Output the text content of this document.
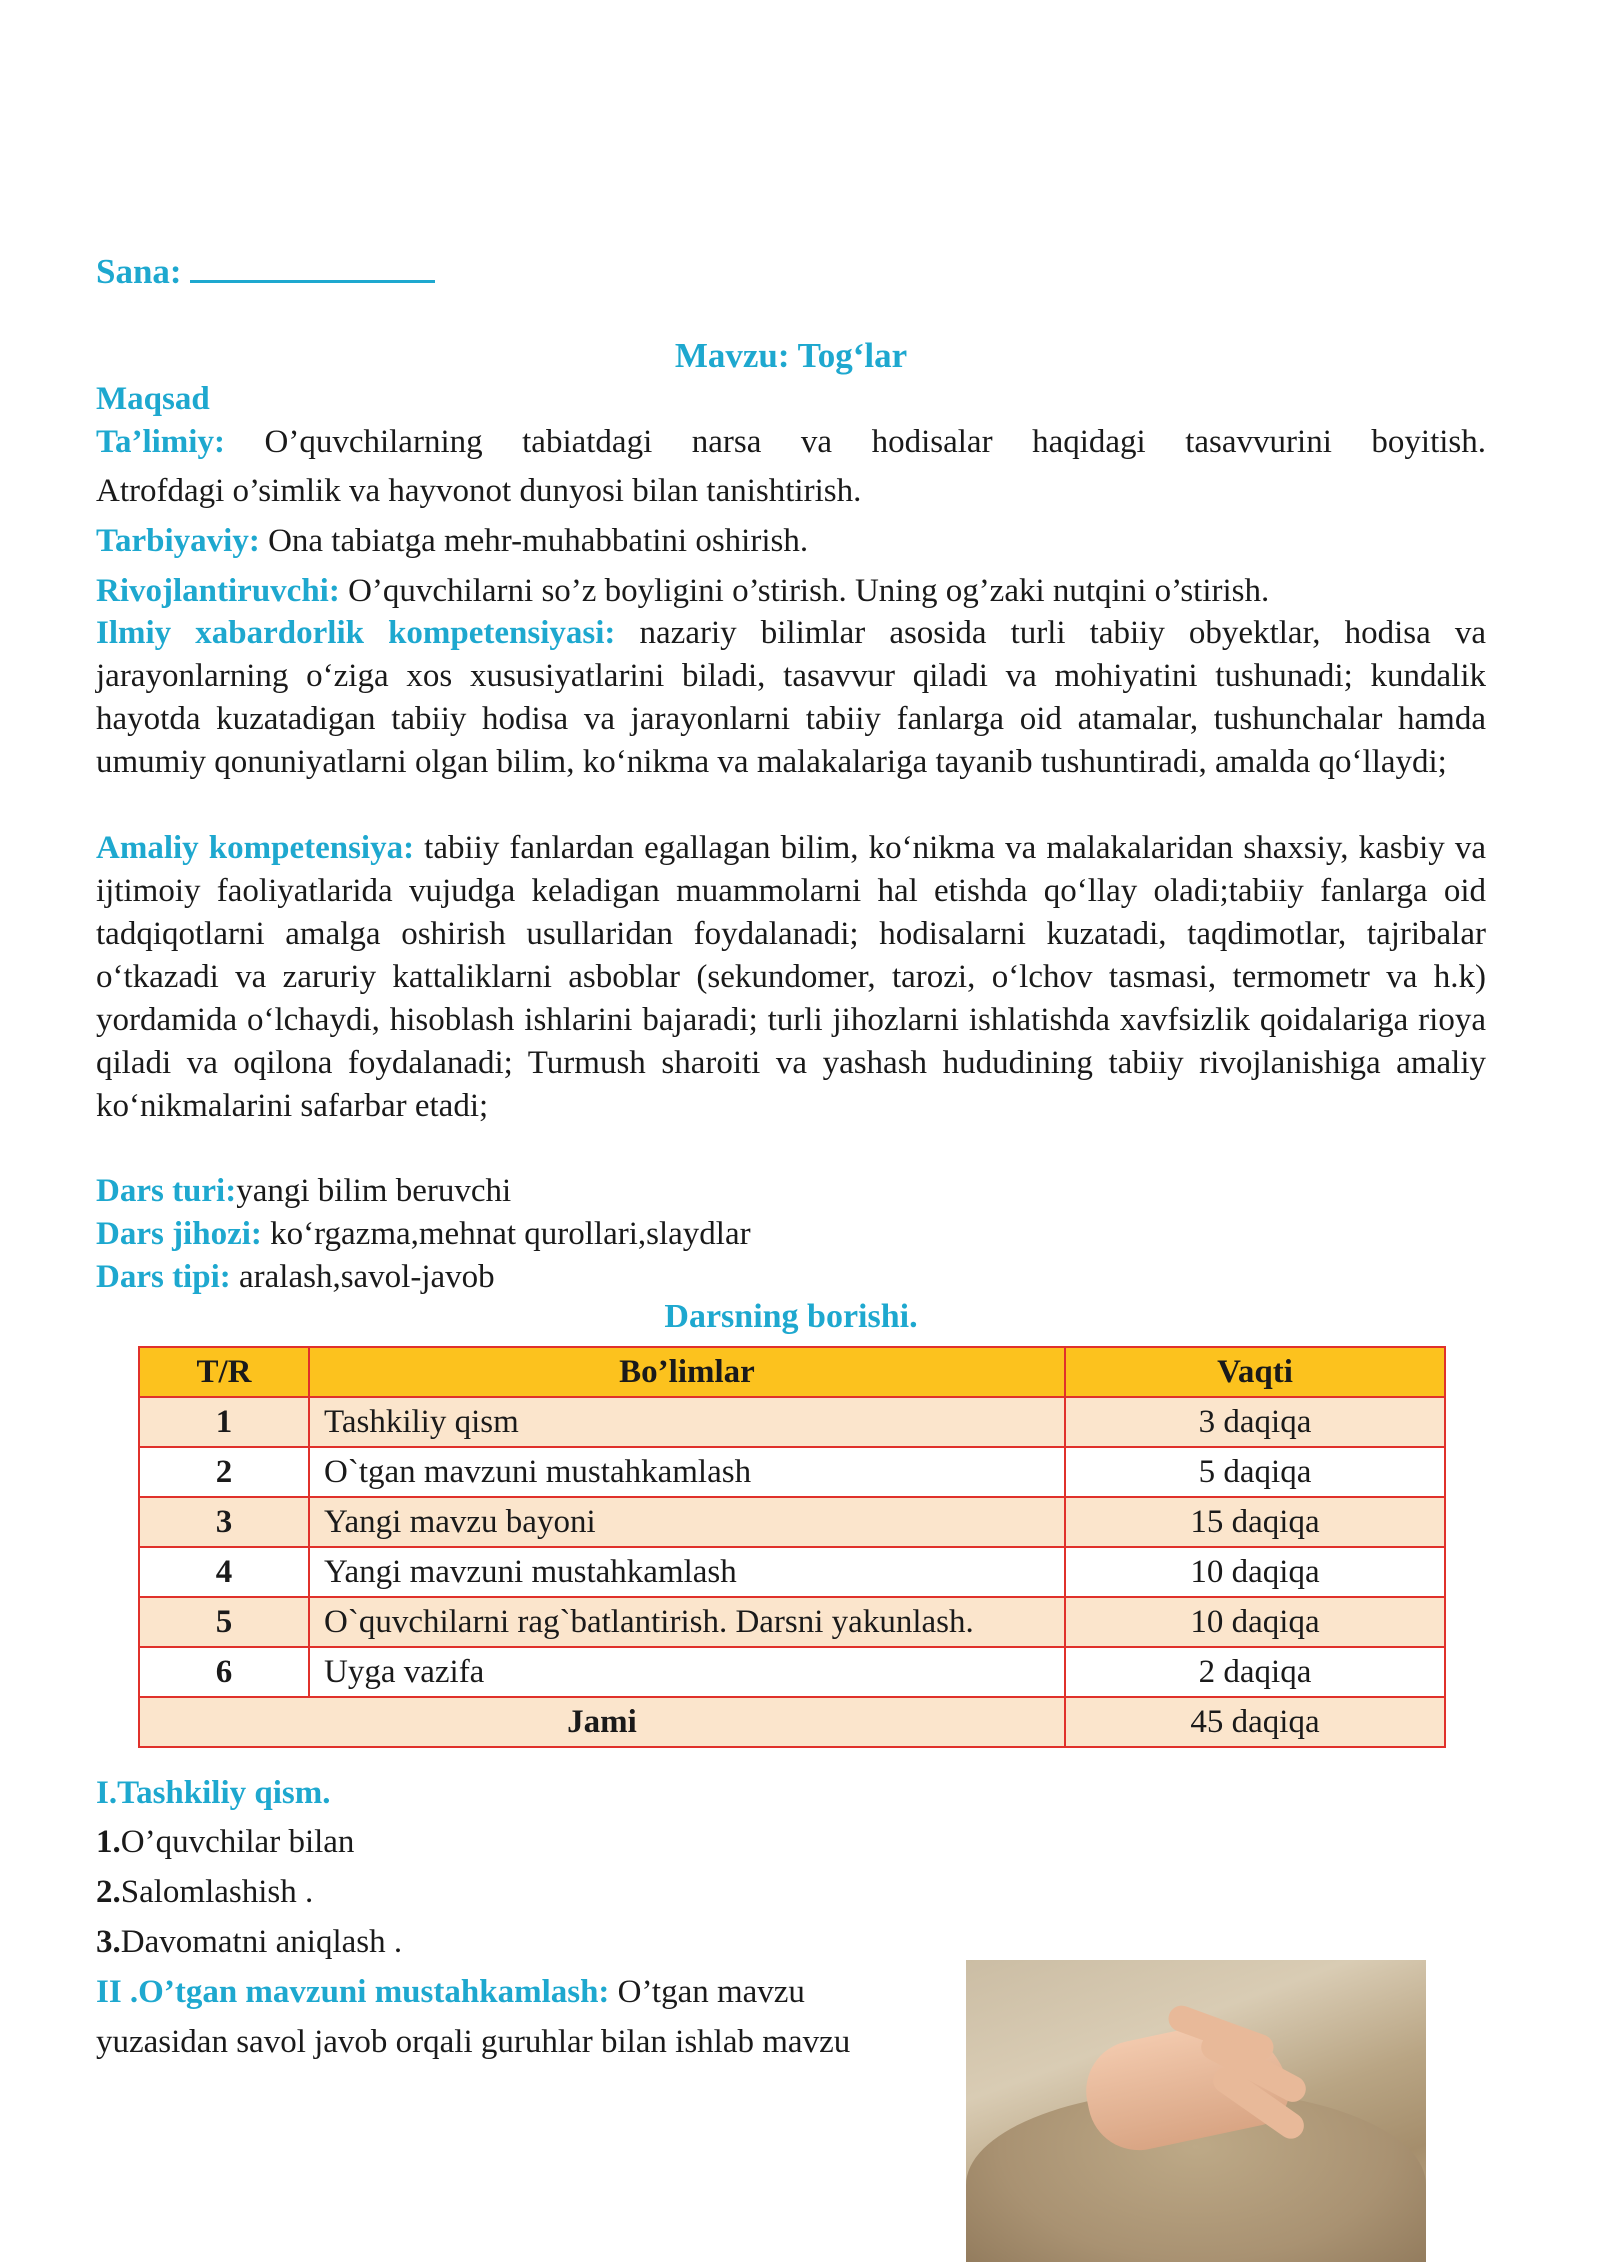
Sana:
Mavzu: Tog‘lar
Maqsad
Ta’limiy: O’quvchilarning tabiatdagi narsa va hodisalar haqidagi tasavvurini boyitish.
Atrofdagi o’simlik va hayvonot dunyosi bilan tanishtirish.
Tarbiyaviy: Ona tabiatga mehr-muhabbatini oshirish.
Rivojlantiruvchi: O’quvchilarni so’z boyligini o’stirish. Uning og’zaki nutqini o’stirish.
Ilmiy xabardorlik kompetensiyasi: nazariy bilimlar asosida turli tabiiy obyektlar, hodisa va jarayonlarning o‘ziga xos xususiyatlarini biladi, tasavvur qiladi va mohiyatini tushunadi; kundalik hayotda kuzatadigan tabiiy hodisa va jarayonlarni tabiiy fanlarga oid atamalar, tushunchalar hamda umumiy qonuniyatlarni olgan bilim, ko‘nikma va malakalariga tayanib tushuntiradi, amalda qo‘llaydi;
Amaliy kompetensiya: tabiiy fanlardan egallagan bilim, ko‘nikma va malakalaridan shaxsiy, kasbiy va ijtimoiy faoliyatlarida vujudga keladigan muammolarni hal etishda qo‘llay oladi;tabiiy fanlarga oid tadqiqotlarni amalga oshirish usullaridan foydalanadi; hodisalarni kuzatadi, taqdimotlar, tajribalar o‘tkazadi va zaruriy kattaliklarni asboblar (sekundomer, tarozi, o‘lchov tasmasi, termometr va h.k) yordamida o‘lchaydi, hisoblash ishlarini bajaradi; turli jihozlarni ishlatishda xavfsizlik qoidalariga rioya qiladi va oqilona foydalanadi; Turmush sharoiti va yashash hududining tabiiy rivojlanishiga amaliy ko‘nikmalarini safarbar etadi;
Dars turi:yangi bilim beruvchi
Dars jihozi: ko‘rgazma,mehnat qurollari,slaydlar
Dars tipi: aralash,savol-javob
Darsning borishi.
T/R	Bo’limlar	Vaqti
1	Tashkiliy qism	3 daqiqa
2	O`tgan mavzuni mustahkamlash	5 daqiqa
3	Yangi mavzu bayoni	15 daqiqa
4	Yangi mavzuni mustahkamlash	10 daqiqa
5	O`quvchilarni rag`batlantirish. Darsni yakunlash.	10 daqiqa
6	Uyga vazifa	2 daqiqa
Jami		45 daqiqa
I.Tashkiliy qism.
1.O’quvchilar bilan
2.Salomlashish .
3.Davomatni aniqlash .
II .O’tgan mavzuni mustahkamlash: O’tgan mavzu
yuzasidan savol javob orqali guruhlar bilan ishlab mavzu
